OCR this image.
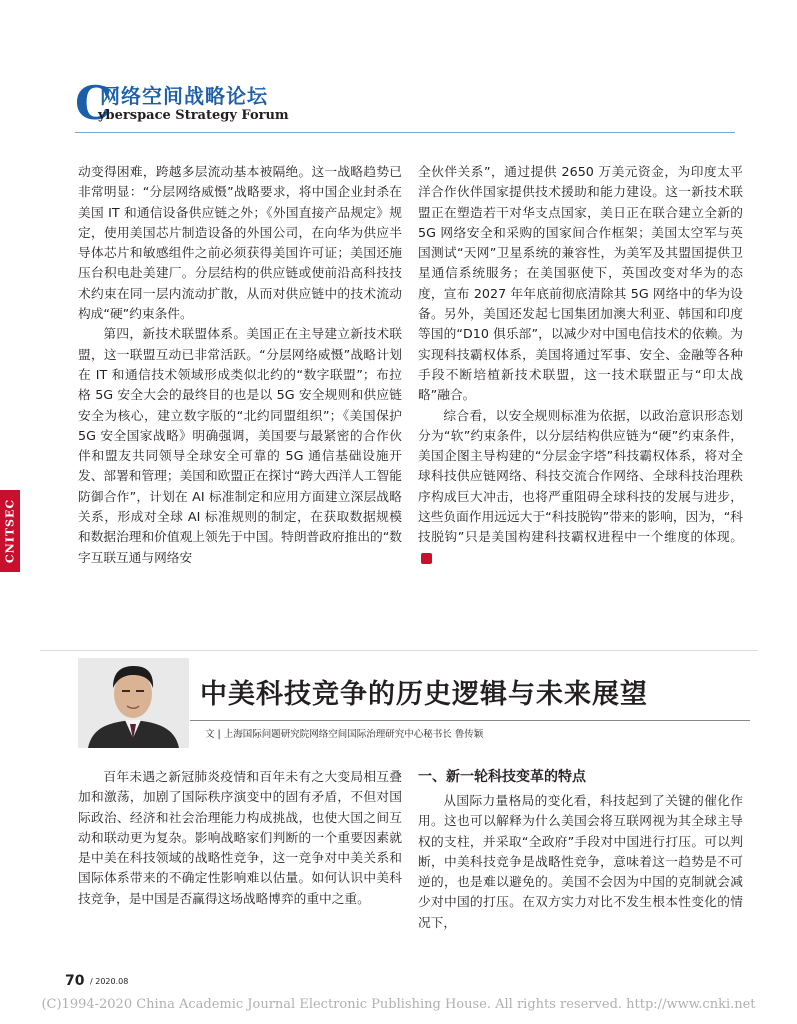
C
网络空间战略论坛
yberspace Strategy Forum
CNITSEC

动变得困难，跨越多层流动基本被隔绝。这一战略趋势已非常明显：“分层网络威慑”战略要求，将中国企业封杀在美国 IT 和通信设备供应链之外；《外国直接产品规定》规定，使用美国芯片制造设备的外国公司，在向华为供应半导体芯片和敏感组件之前必须获得美国许可证；美国还施压台积电赴美建厂。分层结构的供应链或使前沿高科技技术约束在同一层内流动扩散，从而对供应链中的技术流动构成“硬”约束条件。

第四，新技术联盟体系。美国正在主导建立新技术联盟，这一联盟互动已非常活跃。“分层网络威慑”战略计划在 IT 和通信技术领域形成类似北约的“数字联盟”；布拉格 5G 安全大会的最终目的也是以 5G 安全规则和供应链安全为核心，建立数字版的“北约同盟组织”；《美国保护 5G 安全国家战略》明确强调，美国要与最紧密的合作伙伴和盟友共同领导全球安全可靠的 5G 通信基础设施开发、部署和管理；美国和欧盟正在探讨“跨大西洋人工智能防御合作”，计划在 AI 标准制定和应用方面建立深层战略关系，形成对全球 AI 标准规则的制定，在获取数据规模和数据治理和价值观上领先于中国。特朗普政府推出的“数字互联互通与网络安

全伙伴关系”，通过提供 2650 万美元资金，为印度太平洋合作伙伴国家提供技术援助和能力建设。这一新技术联盟正在塑造若干对华支点国家，美日正在联合建立全新的 5G 网络安全和采购的国家间合作框架；美国太空军与英国测试“天网”卫星系统的兼容性，为美军及其盟国提供卫星通信系统服务；在美国驱使下，英国改变对华为的态度，宣布 2027 年年底前彻底清除其 5G 网络中的华为设备。另外，美国还发起七国集团加澳大利亚、韩国和印度等国的“D10 俱乐部”，以减少对中国电信技术的依赖。为实现科技霸权体系，美国将通过军事、安全、金融等各种手段不断培植新技术联盟，这一技术联盟正与“印太战略”融合。

综合看，以安全规则标准为依据，以政治意识形态划分为“软”约束条件，以分层结构供应链为“硬”约束条件，美国企图主导构建的“分层金字塔”科技霸权体系，将对全球科技供应链网络、科技交流合作网络、全球科技治理秩序构成巨大冲击，也将严重阻碍全球科技的发展与进步，这些负面作用远远大于“科技脱钩”带来的影响，因为，“科技脱钩”只是美国构建科技霸权进程中一个维度的体现。自

中美科技竞争的历史逻辑与未来展望
文 | 上海国际问题研究院网络空间国际治理研究中心秘书长 鲁传颖

百年未遇之新冠肺炎疫情和百年未有之大变局相互叠加和激荡，加剧了国际秩序演变中的固有矛盾，不但对国际政治、经济和社会治理能力构成挑战，也使大国之间互动和联动更为复杂。影响战略家们判断的一个重要因素就是中美在科技领域的战略性竞争，这一竞争对中美关系和国际体系带来的不确定性影响难以估量。如何认识中美科技竞争，是中国是否赢得这场战略博弈的重中之重。

一、新一轮科技变革的特点

从国际力量格局的变化看，科技起到了关键的催化作用。这也可以解释为什么美国会将互联网视为其全球主导权的支柱，并采取“全政府”手段对中国进行打压。可以判断，中美科技竞争是战略性竞争，意味着这一趋势是不可逆的，也是难以避免的。美国不会因为中国的克制就会减少对中国的打压。在双方实力对比不发生根本性变化的情况下，

70 / 2020.08
(C)1994-2020 China Academic Journal Electronic Publishing House. All rights reserved. http://www.cnki.net
